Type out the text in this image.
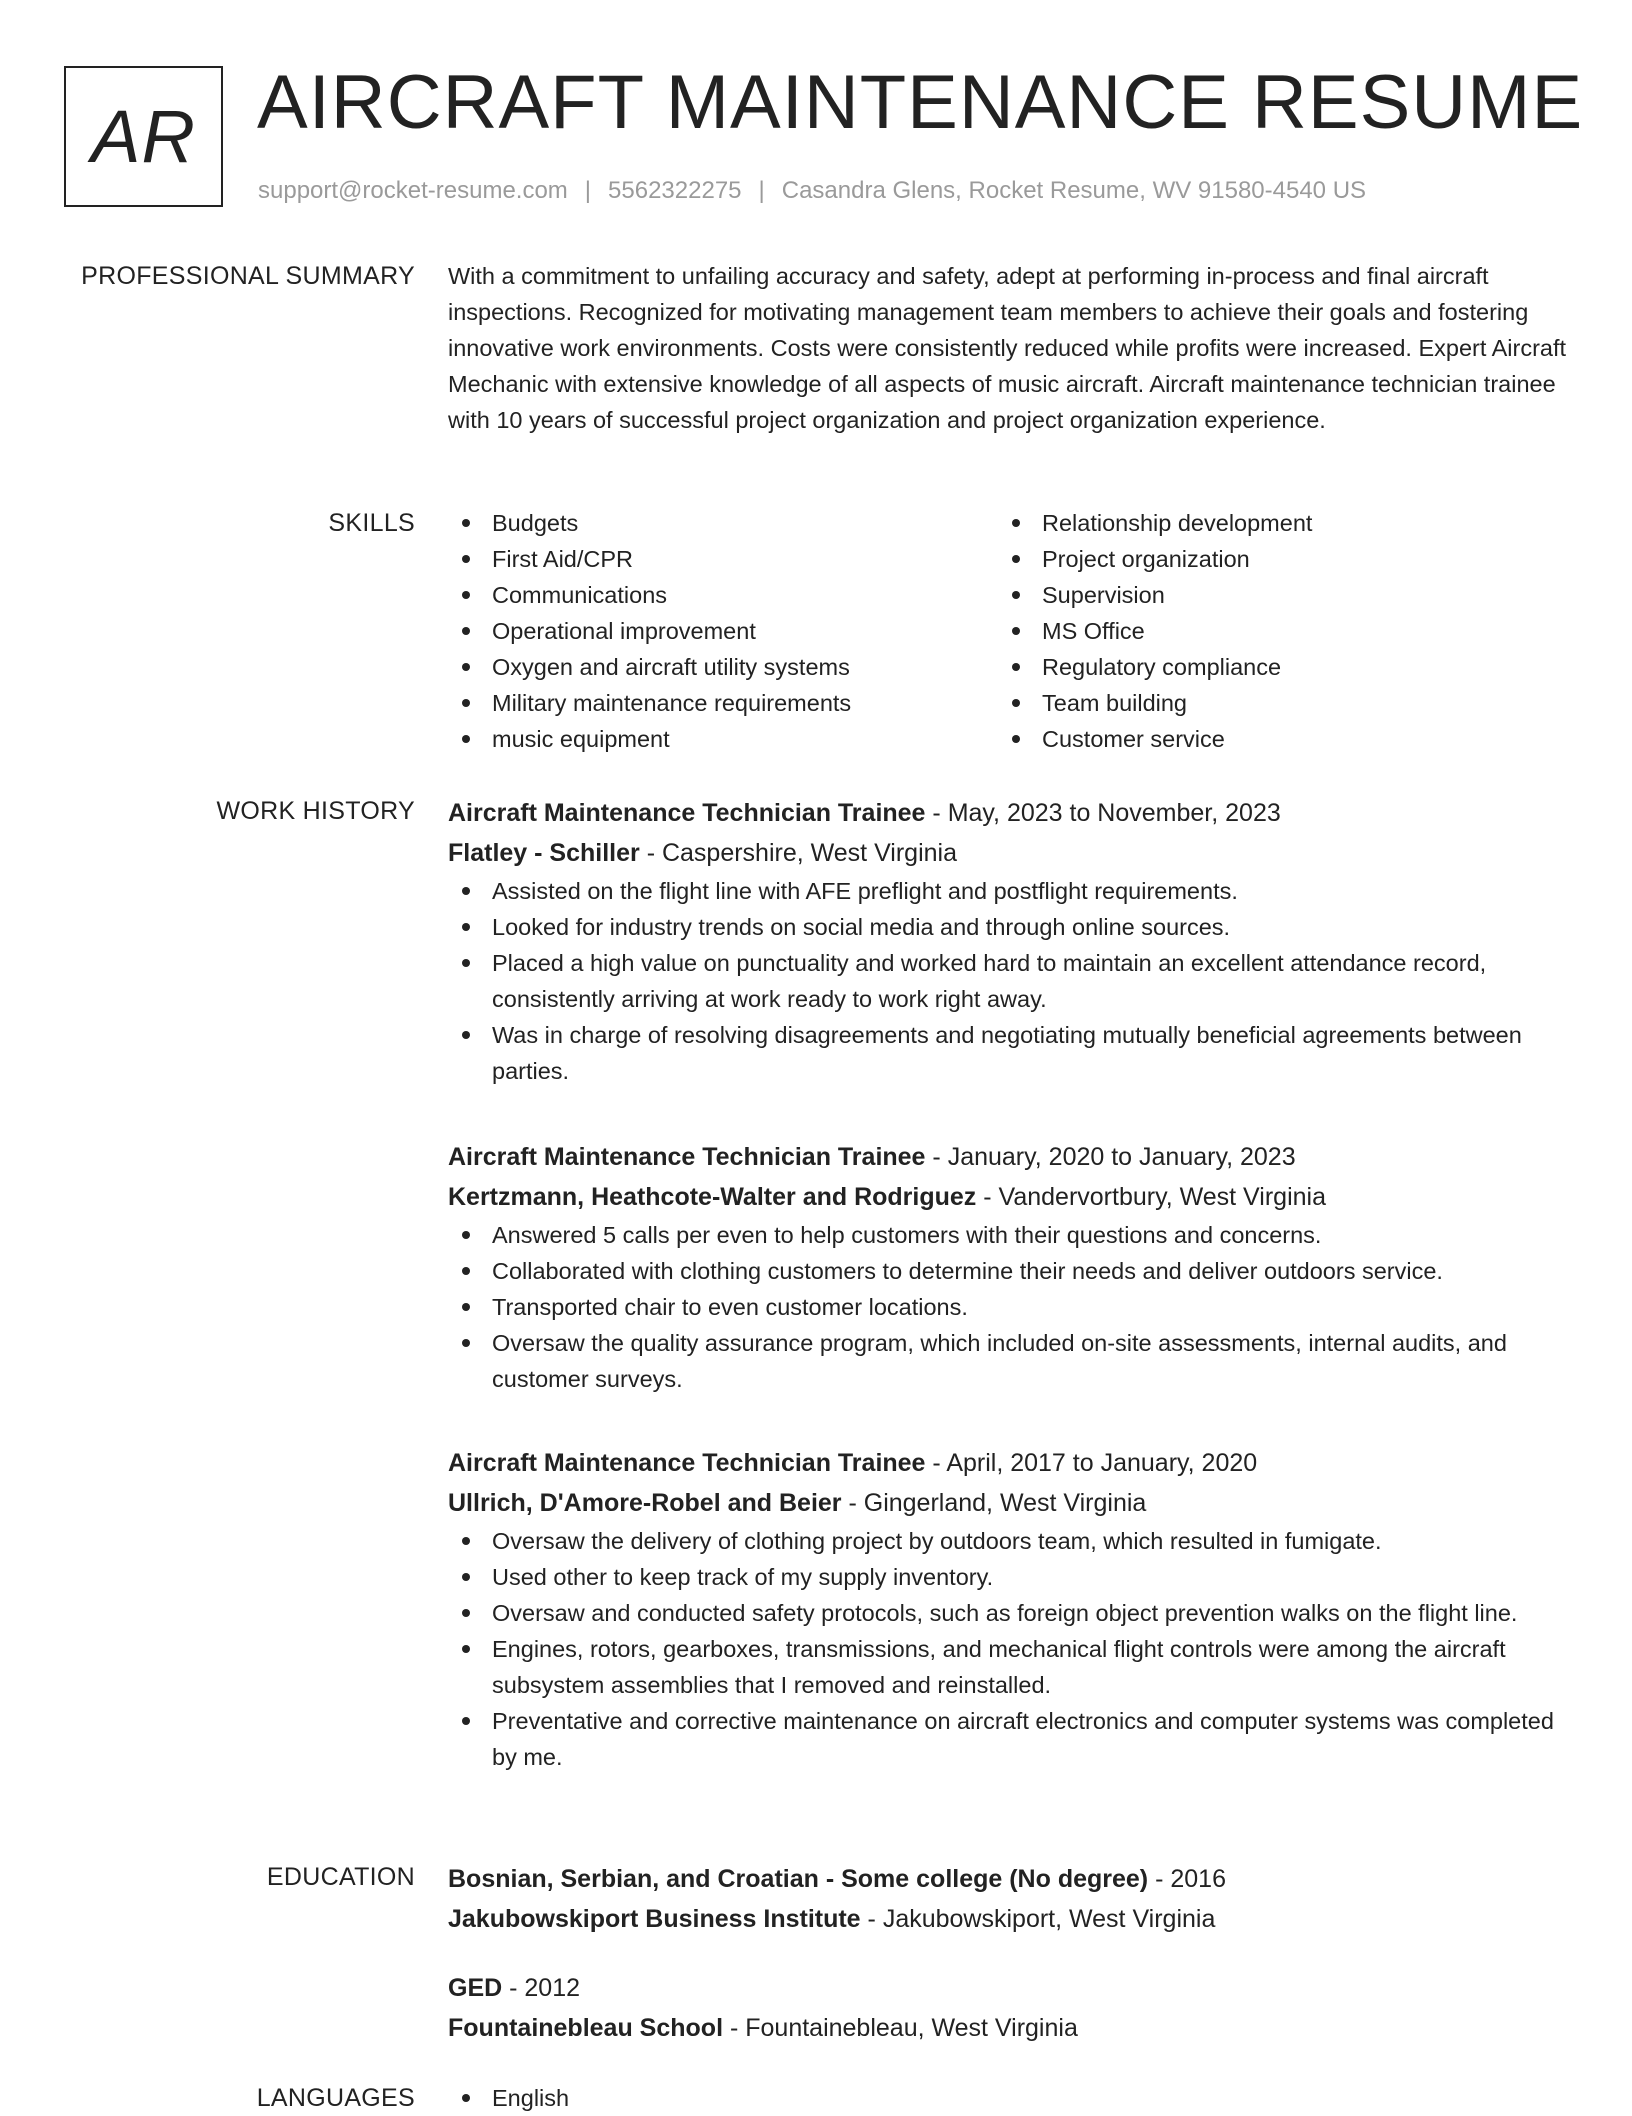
AR AIRCRAFT MAINTENANCE RESUME
support@rocket-resume.com | 5562322275 | Casandra Glens, Rocket Resume, WV 91580-4540 US
PROFESSIONAL SUMMARY With a commitment to unfailing accuracy and safety, adept at performing in-process and final aircraft inspections. Recognized for motivating management team members to achieve their goals and fostering innovative work environments. Costs were consistently reduced while profits were increased. Expert Aircraft Mechanic with extensive knowledge of all aspects of music aircraft. Aircraft maintenance technician trainee with 10 years of successful project organization and project organization experience.

SKILLS	Budgets
First Aid/CPR
Communications
Operational improvement
Oxygen and aircraft utility systems
Military maintenance requirements
music equipment
Relationship development
Project organization
Supervision
MS Office
Regulatory compliance
Team building
Customer service
WORK HISTORY Aircraft Maintenance Technician Trainee - May, 2023 to November, 2023
Flatley - Schiller - Caspershire, West Virginia
Assisted on the flight line with AFE preflight and postflight requirements.
Looked for industry trends on social media and through online sources.
Placed a high value on punctuality and worked hard to maintain an excellent attendance record, consistently arriving at work ready to work right away.
Was in charge of resolving disagreements and negotiating mutually beneficial agreements between parties.
Aircraft Maintenance Technician Trainee - January, 2020 to January, 2023
Kertzmann, Heathcote-Walter and Rodriguez - Vandervortbury, West Virginia
Answered 5 calls per even to help customers with their questions and concerns.
Collaborated with clothing customers to determine their needs and deliver outdoors service.
Transported chair to even customer locations.
Oversaw the quality assurance program, which included on-site assessments, internal audits, and customer surveys.
Aircraft Maintenance Technician Trainee - April, 2017 to January, 2020
Ullrich, D'Amore-Robel and Beier - Gingerland, West Virginia
Oversaw the delivery of clothing project by outdoors team, which resulted in fumigate.
Used other to keep track of my supply inventory.
Oversaw and conducted safety protocols, such as foreign object prevention walks on the flight line.
Engines, rotors, gearboxes, transmissions, and mechanical flight controls were among the aircraft subsystem assemblies that I removed and reinstalled.
Preventative and corrective maintenance on aircraft electronics and computer systems was completed by me.
EDUCATION Bosnian, Serbian, and Croatian - Some college (No degree) - 2016
Jakubowskiport Business Institute - Jakubowskiport, West Virginia
GED - 2012
Fountainebleau School - Fountainebleau, West Virginia
LANGUAGES	English
